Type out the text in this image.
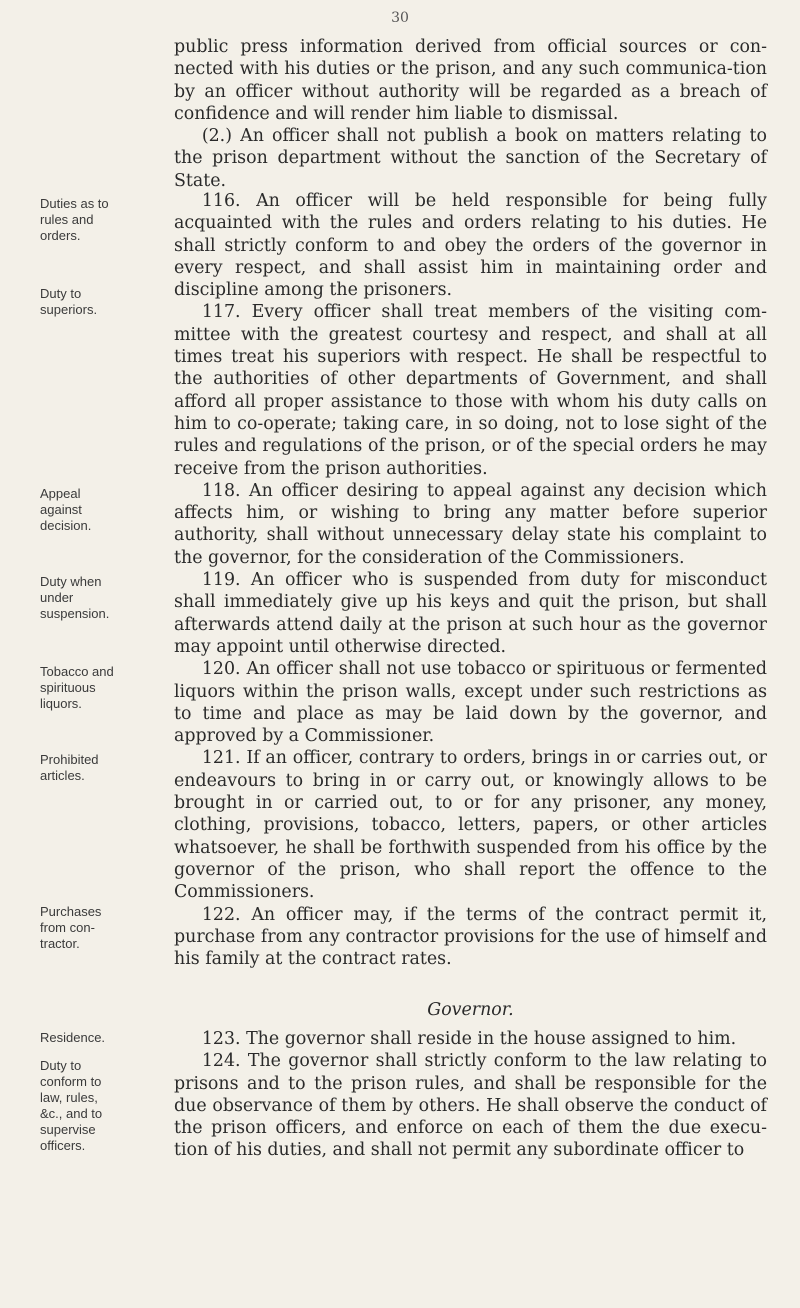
30
Duties as to rules and orders.
Duty to superiors.
Appeal against decision.
Duty when under suspension.
Tobacco and spirituous liquors.
Prohibited articles.
Purchases from con-tractor.
Residence.
Duty to conform to law, rules, &c., and to supervise officers.

public press information derived from official sources or con-nected with his duties or the prison, and any such communica-tion by an officer without authority will be regarded as a breach of confidence and will render him liable to dismissal.

(2.) An officer shall not publish a book on matters relating to the prison department without the sanction of the Secretary of State.

116. An officer will be held responsible for being fully acquainted with the rules and orders relating to his duties. He shall strictly conform to and obey the orders of the governor in every respect, and shall assist him in maintaining order and discipline among the prisoners.

117. Every officer shall treat members of the visiting com-mittee with the greatest courtesy and respect, and shall at all times treat his superiors with respect. He shall be respectful to the authorities of other departments of Government, and shall afford all proper assistance to those with whom his duty calls on him to co-operate; taking care, in so doing, not to lose sight of the rules and regulations of the prison, or of the special orders he may receive from the prison authorities.

118. An officer desiring to appeal against any decision which affects him, or wishing to bring any matter before superior authority, shall without unnecessary delay state his complaint to the governor, for the consideration of the Commissioners.

119. An officer who is suspended from duty for misconduct shall immediately give up his keys and quit the prison, but shall afterwards attend daily at the prison at such hour as the governor may appoint until otherwise directed.

120. An officer shall not use tobacco or spirituous or fermented liquors within the prison walls, except under such restrictions as to time and place as may be laid down by the governor, and approved by a Commissioner.

121. If an officer, contrary to orders, brings in or carries out, or endeavours to bring in or carry out, or knowingly allows to be brought in or carried out, to or for any prisoner, any money, clothing, provisions, tobacco, letters, papers, or other articles whatsoever, he shall be forthwith suspended from his office by the governor of the prison, who shall report the offence to the Commissioners.

122. An officer may, if the terms of the contract permit it, purchase from any contractor provisions for the use of himself and his family at the contract rates.

Governor.

123. The governor shall reside in the house assigned to him.

124. The governor shall strictly conform to the law relating to prisons and to the prison rules, and shall be responsible for the due observance of them by others. He shall observe the conduct of the prison officers, and enforce on each of them the due execu-tion of his duties, and shall not permit any subordinate officer to
